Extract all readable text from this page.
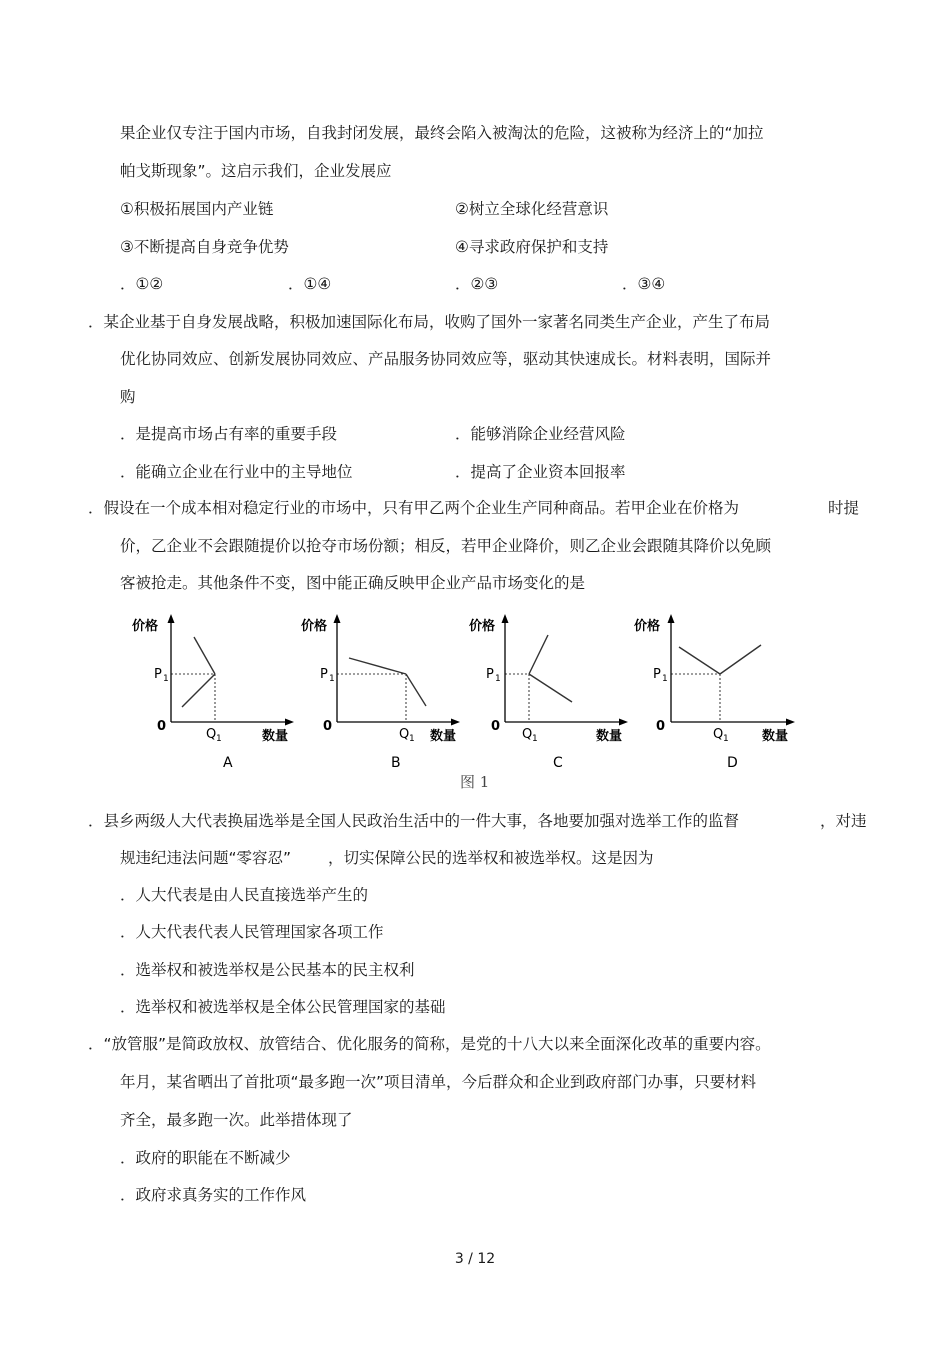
果企业仅专注于国内市场，自我封闭发展，最终会陷入被淘汰的危险，这被称为经济上的“加拉
帕戈斯现象”。这启示我们，企业发展应
①积极拓展国内产业链	②树立全球化经营意识
③不断提高自身竞争优势	④寻求政府保护和支持
．①②	．①④	．②③	．③④
．某企业基于自身发展战略，积极加速国际化布局，收购了国外一家著名同类生产企业，产生了布局
优化协同效应、创新发展协同效应、产品服务协同效应等，驱动其快速成长。材料表明，国际并
购
．是提高市场占有率的重要手段	．能够消除企业经营风险
．能确立企业在行业中的主导地位	．提高了企业资本回报率
．假设在一个成本相对稳定行业的市场中，只有甲乙两个企业生产同种商品。若甲企业在价格为	时提
价，乙企业不会跟随提价以抢夺市场份额；相反，若甲企业降价，则乙企业会跟随其降价以免顾
客被抢走。其他条件不变，图中能正确反映甲企业产品市场变化的是
价格
0
P 1
Q 1	数量
A
价格
0
P 1
Q 1 数量
B
价格
0
P 1
Q 1	数量
C
价格
0
P 1
Q 1	数量
D
图 1
．县乡两级人大代表换届选举是全国人民政治生活中的一件大事，各地要加强对选举工作的监督	，对违
规违纪违法问题“零容忍” ，切实保障公民的选举权和被选举权。这是因为
．人大代表是由人民直接选举产生的
．人大代表代表人民管理国家各项工作
．选举权和被选举权是公民基本的民主权利
．选举权和被选举权是全体公民管理国家的基础
．“放管服”是简政放权、放管结合、优化服务的简称，是党的十八大以来全面深化改革的重要内容。
年月，某省晒出了首批项“最多跑一次”项目清单，今后群众和企业到政府部门办事，只要材料
齐全，最多跑一次。此举措体现了
．政府的职能在不断减少
．政府求真务实的工作作风
3 / 12
